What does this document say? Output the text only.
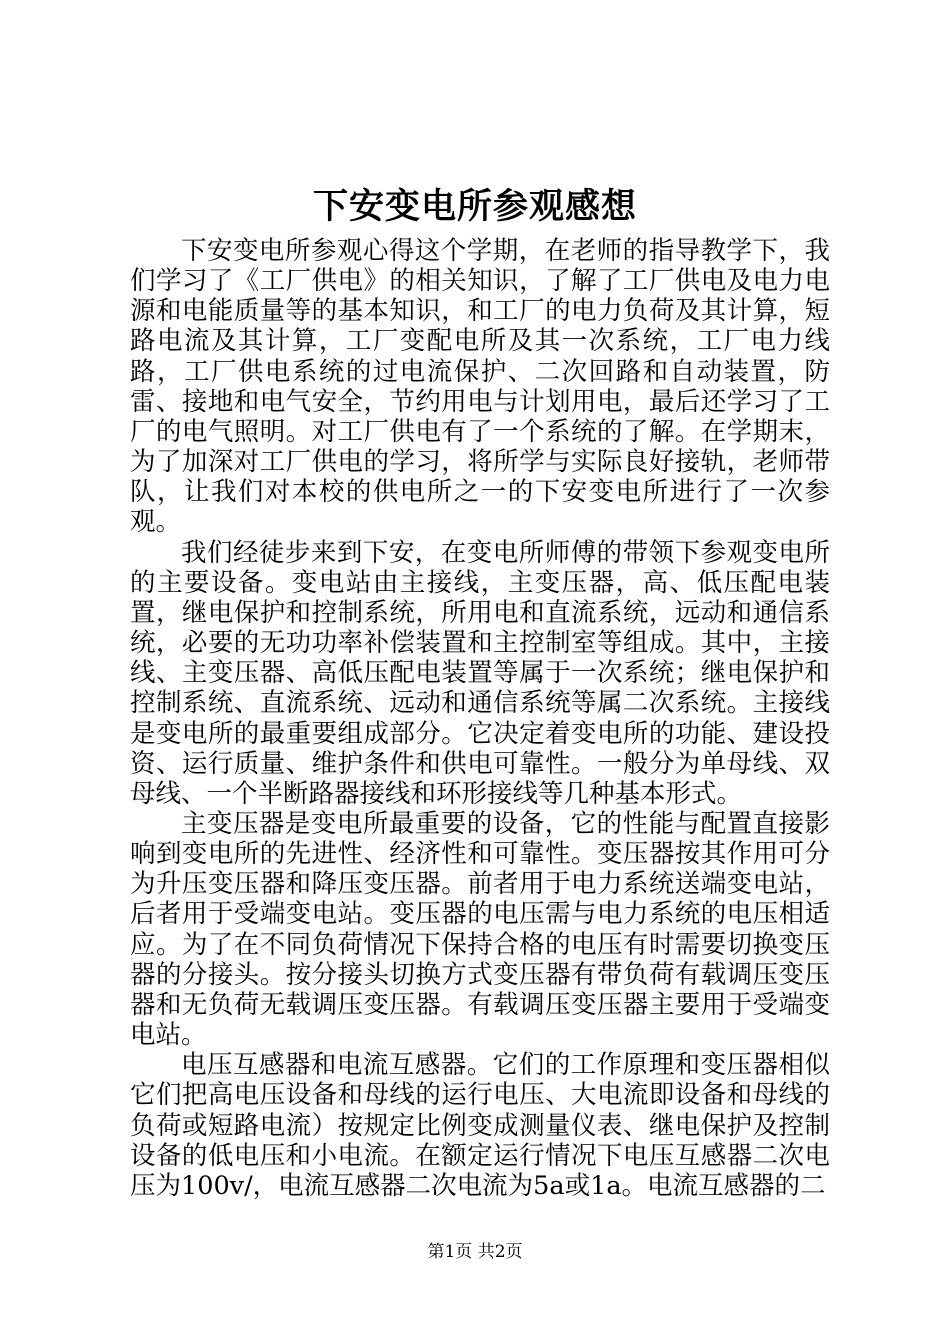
下安变电所参观感想

下安变电所参观心得这个学期，在老师的指导教学下，我们学习了《工厂供电》的相关知识，了解了工厂供电及电力电源和电能质量等的基本知识，和工厂的电力负荷及其计算，短路电流及其计算，工厂变配电所及其一次系统，工厂电力线路，工厂供电系统的过电流保护、二次回路和自动装置，防雷、接地和电气安全，节约用电与计划用电，最后还学习了工厂的电气照明。对工厂供电有了一个系统的了解。在学期末，为了加深对工厂供电的学习，将所学与实际良好接轨，老师带队，让我们对本校的供电所之一的下安变电所进行了一次参观。

我们经徒步来到下安，在变电所师傅的带领下参观变电所的主要设备。变电站由主接线，主变压器，高、低压配电装置，继电保护和控制系统，所用电和直流系统，远动和通信系统，必要的无功功率补偿装置和主控制室等组成。其中，主接线、主变压器、高低压配电装置等属于一次系统；继电保护和控制系统、直流系统、远动和通信系统等属二次系统。主接线是变电所的最重要组成部分。它决定着变电所的功能、建设投资、运行质量、维护条件和供电可靠性。一般分为单母线、双母线、一个半断路器接线和环形接线等几种基本形式。

主变压器是变电所最重要的设备，它的性能与配置直接影响到变电所的先进性、经济性和可靠性。变压器按其作用可分为升压变压器和降压变压器。前者用于电力系统送端变电站，后者用于受端变电站。变压器的电压需与电力系统的电压相适应。为了在不同负荷情况下保持合格的电压有时需要切换变压器的分接头。按分接头切换方式变压器有带负荷有载调压变压器和无负荷无载调压变压器。有载调压变压器主要用于受端变电站。

电压互感器和电流互感器。它们的工作原理和变压器相似它们把高电压设备和母线的运行电压、大电流即设备和母线的负荷或短路电流）按规定比例变成测量仪表、继电保护及控制设备的低电压和小电流。在额定运行情况下电压互感器二次电压为100v/，电流互感器二次电流为5a或1a。电流互感器的二

第1页 共2页
